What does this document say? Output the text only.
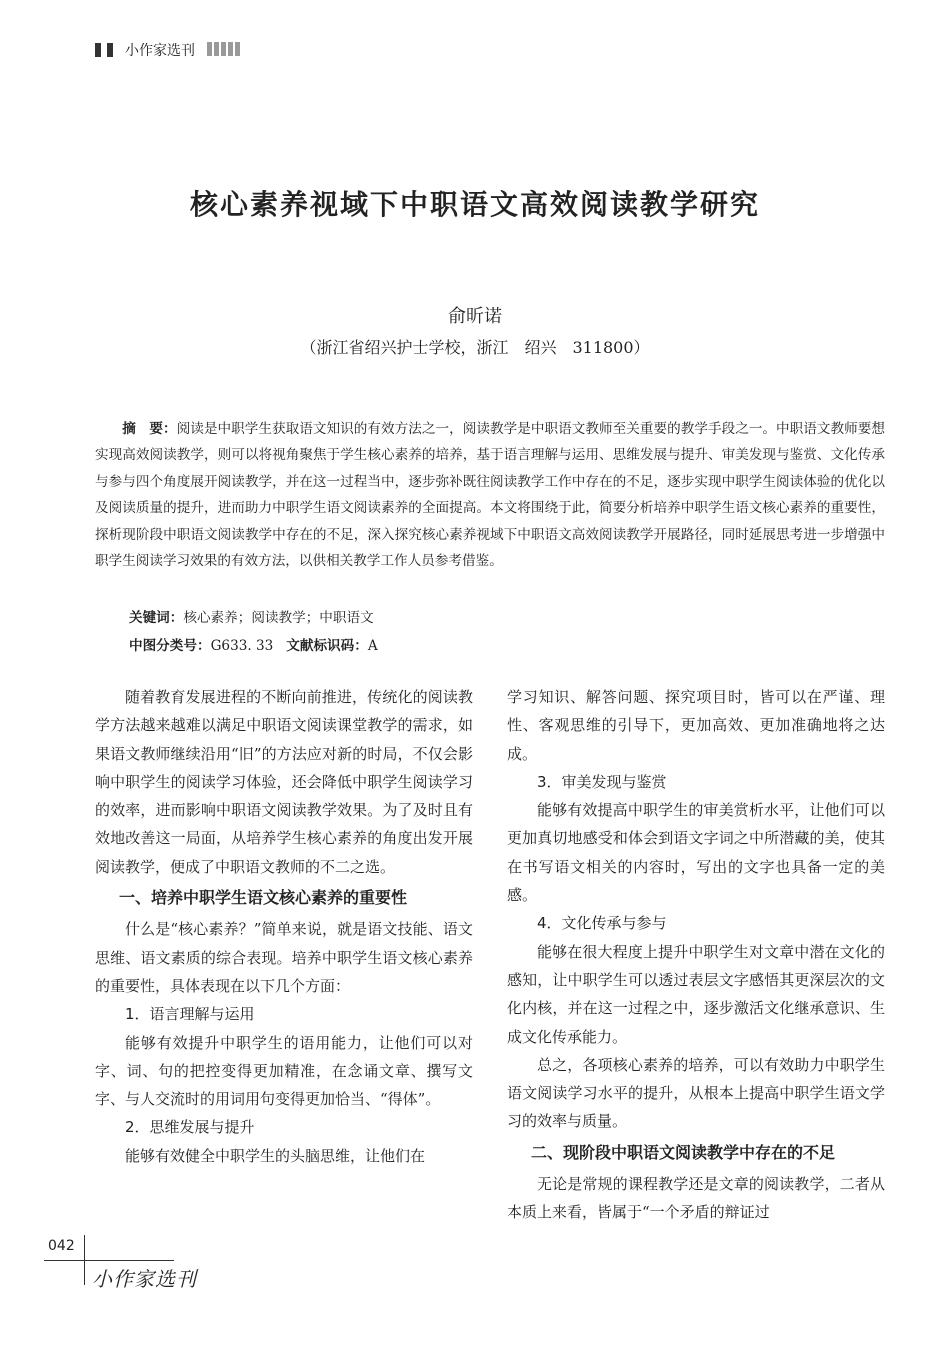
小作家选刊
核心素养视域下中职语文高效阅读教学研究
俞昕诺
（浙江省绍兴护士学校，浙江　绍兴　311800）
摘　要：阅读是中职学生获取语文知识的有效方法之一，阅读教学是中职语文教师至关重要的教学手段之一。中职语文教师要想实现高效阅读教学，则可以将视角聚焦于学生核心素养的培养，基于语言理解与运用、思维发展与提升、审美发现与鉴赏、文化传承与参与四个角度展开阅读教学，并在这一过程当中，逐步弥补既往阅读教学工作中存在的不足，逐步实现中职学生阅读体验的优化以及阅读质量的提升，进而助力中职学生语文阅读素养的全面提高。本文将围绕于此，简要分析培养中职学生语文核心素养的重要性，探析现阶段中职语文阅读教学中存在的不足，深入探究核心素养视域下中职语文高效阅读教学开展路径，同时延展思考进一步增强中职学生阅读学习效果的有效方法，以供相关教学工作人员参考借鉴。
关键词：核心素养；阅读教学；中职语文
中图分类号：G633. 33 文献标识码：A

随着教育发展进程的不断向前推进，传统化的阅读教学方法越来越难以满足中职语文阅读课堂教学的需求，如果语文教师继续沿用“旧”的方法应对新的时局，不仅会影响中职学生的阅读学习体验，还会降低中职学生阅读学习的效率，进而影响中职语文阅读教学效果。为了及时且有效地改善这一局面，从培养学生核心素养的角度出发开展阅读教学，便成了中职语文教师的不二之选。

一、培养中职学生语文核心素养的重要性

什么是“核心素养？”简单来说，就是语文技能、语文思维、语文素质的综合表现。培养中职学生语文核心素养的重要性，具体表现在以下几个方面：

1．语言理解与运用

能够有效提升中职学生的语用能力，让他们可以对字、词、句的把控变得更加精准，在念诵文章、撰写文字、与人交流时的用词用句变得更加恰当、“得体”。

2．思维发展与提升

能够有效健全中职学生的头脑思维，让他们在

学习知识、解答问题、探究项目时，皆可以在严谨、理性、客观思维的引导下，更加高效、更加准确地将之达成。

3．审美发现与鉴赏

能够有效提高中职学生的审美赏析水平，让他们可以更加真切地感受和体会到语文字词之中所潜藏的美，使其在书写语文相关的内容时，写出的文字也具备一定的美感。

4．文化传承与参与

能够在很大程度上提升中职学生对文章中潜在文化的感知，让中职学生可以透过表层文字感悟其更深层次的文化内核，并在这一过程之中，逐步激活文化继承意识、生成文化传承能力。

总之，各项核心素养的培养，可以有效助力中职学生语文阅读学习水平的提升，从根本上提高中职学生语文学习的效率与质量。

二、现阶段中职语文阅读教学中存在的不足

无论是常规的课程教学还是文章的阅读教学，二者从本质上来看，皆属于“一个矛盾的辩证过

042
小作家选刊
